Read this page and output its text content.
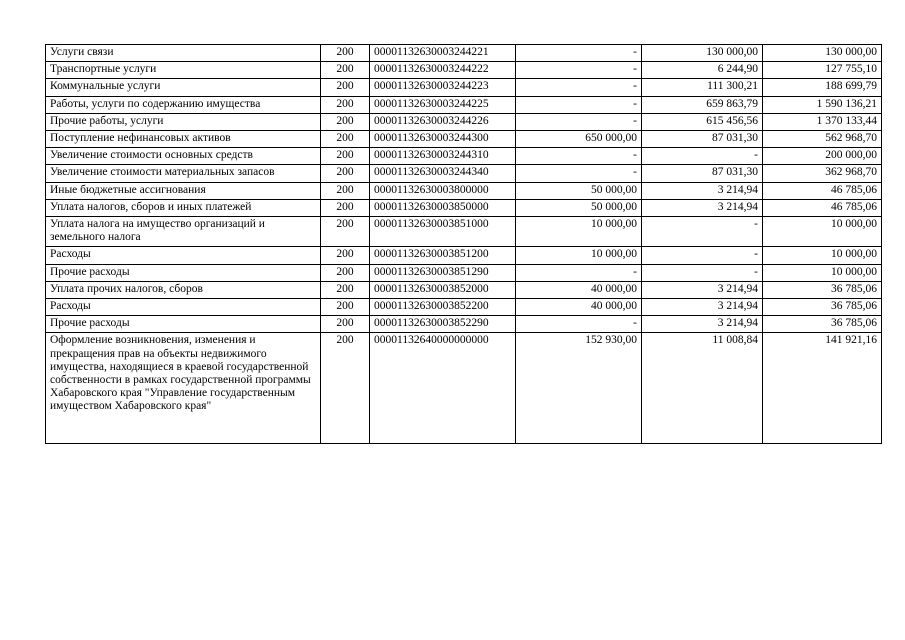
Услуги связи	200	00001132630003244221	-	130 000,00	130 000,00
Транспортные услуги	200	00001132630003244222	-	6 244,90	127 755,10
Коммунальные услуги	200	00001132630003244223	-	111 300,21	188 699,79
Работы, услуги по содержанию имущества	200	00001132630003244225	-	659 863,79	1 590 136,21
Прочие работы, услуги	200	00001132630003244226	-	615 456,56	1 370 133,44
Поступление нефинансовых активов	200	00001132630003244300	650 000,00	87 031,30	562 968,70
Увеличение стоимости основных средств	200	00001132630003244310	-	-	200 000,00
Увеличение стоимости материальных запасов	200	00001132630003244340	-	87 031,30	362 968,70
Иные бюджетные ассигнования	200	00001132630003800000	50 000,00	3 214,94	46 785,06
Уплата налогов, сборов и иных платежей	200	00001132630003850000	50 000,00	3 214,94	46 785,06
Уплата налога на имущество организаций и земельного налога	200	00001132630003851000	10 000,00	-	10 000,00
Расходы	200	00001132630003851200	10 000,00	-	10 000,00
Прочие расходы	200	00001132630003851290	-	-	10 000,00
Уплата прочих налогов, сборов	200	00001132630003852000	40 000,00	3 214,94	36 785,06
Расходы	200	00001132630003852200	40 000,00	3 214,94	36 785,06
Прочие расходы	200	00001132630003852290	-	3 214,94	36 785,06
Оформление возникновения, изменения и прекращения прав на объекты недвижимого имущества, находящиеся в краевой государственной собственности в рамках государственной программы Хабаровского края "Управление государственным имуществом Хабаровского края"	200	00001132640000000000	152 930,00	11 008,84	141 921,16
